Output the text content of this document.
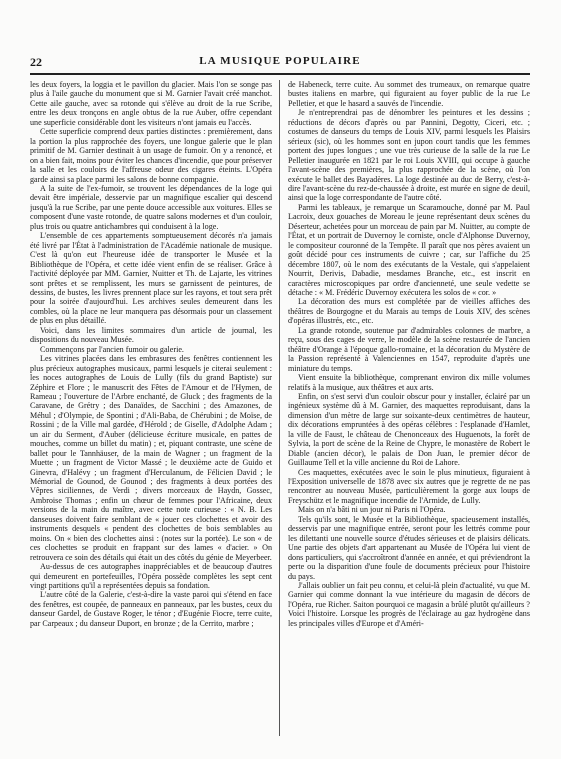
22	LA MUSIQUE POPULAIRE

les deux foyers, la loggia et le pavillon du glacier. Mais l'on se songe pas plus à l'aile gauche du monument que si M. Garnier l'avait créé manchot. Cette aile gauche, avec sa rotonde qui s'élève au droit de la rue Scribe, entre les deux tronçons en angle obtus de la rue Auber, offre cependant une superficie considérable dont les visiteurs n'ont jamais eu l'accès.

Cette superficie comprend deux parties distinctes : premièrement, dans la portion la plus rapprochée des foyers, une longue galerie que le plan primitif de M. Garnier destinait à un usage de fumoir. On y a renoncé, et on a bien fait, moins pour éviter les chances d'incendie, que pour préserver la salle et les couloirs de l'affreuse odeur des cigares éteints. L'Opéra garde ainsi sa place parmi les salons de bonne compagnie.

A la suite de l'ex-fumoir, se trouvent les dépendances de la loge qui devait être impériale, desservie par un magnifique escalier qui descend jusqu'à la rue Scribe, par une pente douce accessible aux voitures. Elles se composent d'une vaste rotonde, de quatre salons modernes et d'un couloir, plus trois ou quatre antichambres qui conduisent à la loge.

L'ensemble de ces appartements somptueusement décorés n'a jamais été livré par l'État à l'administration de l'Académie nationale de musique. C'est là qu'on eut l'heureuse idée de transporter le Musée et la Bibliothèque de l'Opéra, et cette idée vient enfin de se réaliser. Grâce à l'activité déployée par MM. Garnier, Nuitter et Th. de Lajarte, les vitrines sont prêtes et se remplissent, les murs se garnissent de peintures, de dessins, de bustes, les livres prennent place sur les rayons, et tout sera prêt pour la soirée d'aujourd'hui. Les archives seules demeurent dans les combles, où la place ne leur manquera pas désormais pour un classement de plus en plus détaillé.

Voici, dans les limites sommaires d'un article de journal, les dispositions du nouveau Musée.

Commençons par l'ancien fumoir ou galerie.

Les vitrines placées dans les embrasures des fenêtres contiennent les plus précieux autographes musicaux, parmi lesquels je citerai seulement : les noces autographes de Louis de Lully (fils du grand Baptiste) sur Zéphire et Flore ; le manuscrit des Fêtes de l'Amour et de l'Hymen, de Rameau ; l'ouverture de l'Arbre enchanté, de Gluck ; des fragments de la Caravane, de Grétry ; des Danaïdes, de Sacchini ; des Amazones, de Méhul ; d'Olympie, de Spontini ; d'Ali-Baba, de Chérubini ; de Moïse, de Rossini ; de la Ville mal gardée, d'Hérold ; de Giselle, d'Adolphe Adam ; un air du Serment, d'Auber (délicieuse écriture musicale, en pattes de mouches, comme un billet du matin) ; et, piquant contraste, une scène de ballet pour le Tannhäuser, de la main de Wagner ; un fragment de la Muette ; un fragment de Victor Massé ; le deuxième acte de Guido et Ginevra, d'Halévy ; un fragment d'Herculanum, de Félicien David ; le Mémorial de Gounod, de Gounod ; des fragments à deux portées des Vêpres siciliennes, de Verdi ; divers morceaux de Haydn, Gossec, Ambroise Thomas ; enfin un chœur de femmes pour l'Africaine, deux versions de la main du maître, avec cette note curieuse : « N. B. Les danseuses doivent faire semblant de « jouer ces clochettes et avoir des instruments desquels « pendent des clochettes de bois semblables au moins. On « bien des clochettes ainsi : (notes sur la portée). Le son « de ces clochettes se produit en frappant sur des lames « d'acier. » On retrouvera ce soin des détails qui était un des côtés du génie de Meyerbeer.

Au-dessus de ces autographes inappréciables et de beaucoup d'autres qui demeurent en portefeuilles, l'Opéra possède complètes les sept cent vingt partitions qu'il a représentées depuis sa fondation.

L'autre côté de la Galerie, c'est-à-dire la vaste paroi qui s'étend en face des fenêtres, est coupée, de panneaux en panneaux, par les bustes, ceux du danseur Gardel, de Gustave Roger, le ténor ; d'Eugénie Fiocre, terre cuite, par Carpeaux ; du danseur Duport, en bronze ; de la Cerrito, marbre ;

de Habeneck, terre cuite. Au sommet des trumeaux, on remarque quatre bustes italiens en marbre, qui figuraient au foyer public de la rue Le Pelletier, et que le hasard a sauvés de l'incendie.

Je n'entreprendrai pas de dénombrer les peintures et les dessins ; réductions de décors d'après ou par Pannini, Degotty, Ciceri, etc. ; costumes de danseurs du temps de Louis XIV, parmi lesquels les Plaisirs sérieux (sic), où les hommes sont en jupon court tandis que les femmes portent des jupes longues ; une vue très curieuse de la salle de la rue Le Pelletier inaugurée en 1821 par le roi Louis XVIII, qui occupe à gauche l'avant-scène des premières, la plus rapprochée de la scène, où l'on exécute le ballet des Bayadères. La loge destinée au duc de Berry, c'est-à-dire l'avant-scène du rez-de-chaussée à droite, est murée en signe de deuil, ainsi que la loge correspondante de l'autre côté.

Parmi les tableaux, je remarque un Scaramouche, donné par M. Paul Lacroix, deux gouaches de Moreau le jeune représentant deux scènes du Déserteur, achetées pour un morceau de pain par M. Nuitter, au compte de l'État, et un portrait de Duvernoy le corniste, oncle d'Alphonse Duvernoy, le compositeur couronné de la Tempête. Il paraît que nos pères avaient un goût décidé pour ces instruments de cuivre ; car, sur l'affiche du 25 décembre 1807, où le nom des exécutants de la Vestale, qui s'appelaient Nourrit, Derivis, Dabadie, mesdames Branche, etc., est inscrit en caractères microscopiques par ordre d'ancienneté, une seule vedette se détache : « M. Frédéric Duvernoy exécutera les solos de « cor. »

La décoration des murs est complétée par de vieilles affiches des théâtres de Bourgogne et du Marais au temps de Louis XIV, des scènes d'opéras illustrés, etc., etc.

La grande rotonde, soutenue par d'admirables colonnes de marbre, a reçu, sous des cages de verre, le modèle de la scène restaurée de l'ancien théâtre d'Orange à l'époque gallo-romaine, et la décoration du Mystère de la Passion représenté à Valenciennes en 1547, reproduite d'après une miniature du temps.

Vient ensuite la bibliothèque, comprenant environ dix mille volumes relatifs à la musique, aux théâtres et aux arts.

Enfin, on s'est servi d'un couloir obscur pour y installer, éclairé par un ingénieux système dû à M. Garnier, des maquettes reproduisant, dans la dimension d'un mètre de large sur soixante-deux centimètres de hauteur, dix décorations empruntées à des opéras célèbres : l'esplanade d'Hamlet, la ville de Faust, le château de Chenonceaux des Huguenots, la forêt de Sylvia, la port de scène de la Reine de Chypre, le monastère de Robert le Diable (ancien décor), le palais de Don Juan, le premier décor de Guillaume Tell et la ville ancienne du Roi de Lahore.

Ces maquettes, exécutées avec le soin le plus minutieux, figuraient à l'Exposition universelle de 1878 avec six autres que je regrette de ne pas rencontrer au nouveau Musée, particulièrement la gorge aux loups de Freyschütz et le magnifique incendie de l'Armide, de Lully.

Mais on n'a bâti ni un jour ni Paris ni l'Opéra.

Tels qu'ils sont, le Musée et la Bibliothèque, spacieusement installés, desservis par une magnifique entrée, seront pour les lettrés comme pour les dilettanti une nouvelle source d'études sérieuses et de plaisirs délicats. Une partie des objets d'art appartenant au Musée de l'Opéra lui vient de dons particuliers, qui s'accroîtront d'année en année, et qui préviendront la perte ou la disparition d'une foule de documents précieux pour l'histoire du pays.

J'allais oublier un fait peu connu, et celui-là plein d'actualité, vu que M. Garnier qui comme donnant la vue intérieure du magasin de décors de l'Opéra, rue Richer. Saiton pourquoi ce magasin a brûlé plutôt qu'ailleurs ? Voici l'histoire. Lorsque les progrès de l'éclairage au gaz hydrogène dans les principales villes d'Europe et d'Améri-
